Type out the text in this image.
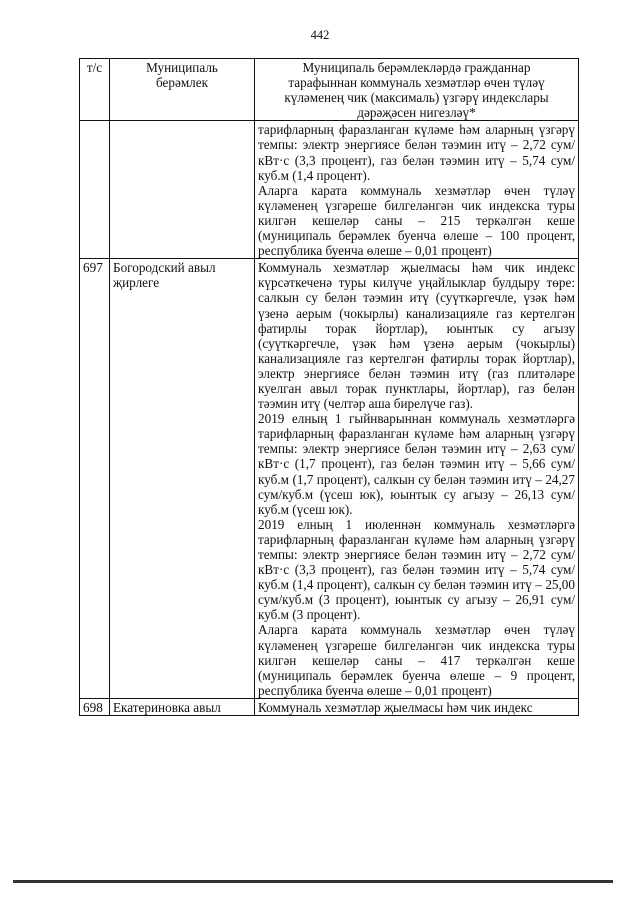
442
т/с	Муниципаль берәмлек	Муниципаль берәмлекләрдә гражданнар тарафыннан коммуналь хезмәтләр өчен түләү күләменең чик (максималь) үзгәрү индекслары дәрәҗәсен нигезләү*

		тарифларның фаразланган күләме һәм аларның үзгәрү темпы: электр энергиясе белән тәэмин итү – 2,72 сум/кВт·с (3,3 процент), газ белән тәэмин итү – 5,74 сум/куб.м (1,4 процент).
Аларга карата коммуналь хезмәтләр өчен түләү күләменең үзгәреше билгеләнгән чик индекска туры килгән кешеләр саны – 215 теркәлгән кеше (муниципаль берәмлек буенча өлеше – 100 процент, республика буенча өлеше – 0,01 процент)

697	Богородский авыл җирлеге	Коммуналь хезмәтләр җыелмасы һәм чик индекс күрсәткеченә туры килүче уңайлыклар булдыру төре: салкын су белән тәэмин итү (суүткәргечле, үзәк һәм үзенә аерым (чокырлы) канализацияле газ кертелгән фатирлы торак йортлар), юынтык су агызу (суүткәргечле, үзәк һәм үзенә аерым (чокырлы) канализацияле газ кертелгән фатирлы торак йортлар), электр энергиясе белән тәэмин итү (газ плитәләре куелган авыл торак пунктлары, йортлар), газ белән тәэмин итү (челтәр аша бирелүче газ).
2019 елның 1 гыйнварыннан коммуналь хезмәтләргә тарифларның фаразланган күләме һәм аларның үзгәрү темпы: электр энергиясе белән тәэмин итү – 2,63 сум/кВт·с (1,7 процент), газ белән тәэмин итү – 5,66 сум/куб.м (1,7 процент), салкын су белән тәэмин итү – 24,27 сум/куб.м (үсеш юк), юынтык су агызу – 26,13 сум/куб.м (үсеш юк).
2019 елның 1 июленнән коммуналь хезмәтләргә тарифларның фаразланган күләме һәм аларның үзгәрү темпы: электр энергиясе белән тәэмин итү – 2,72 сум/кВт·с (3,3 процент), газ белән тәэмин итү – 5,74 сум/куб.м (1,4 процент), салкын су белән тәэмин итү – 25,00 сум/куб.м (3 процент), юынтык су агызу – 26,91 сум/куб.м (3 процент).
Аларга карата коммуналь хезмәтләр өчен түләү күләменең үзгәреше билгеләнгән чик индекска туры килгән кешеләр саны – 417 теркәлгән кеше (муниципаль берәмлек буенча өлеше – 9 процент, республика буенча өлеше – 0,01 процент)

698	Екатериновка авыл	Коммуналь хезмәтләр җыелмасы һәм чик индекс
